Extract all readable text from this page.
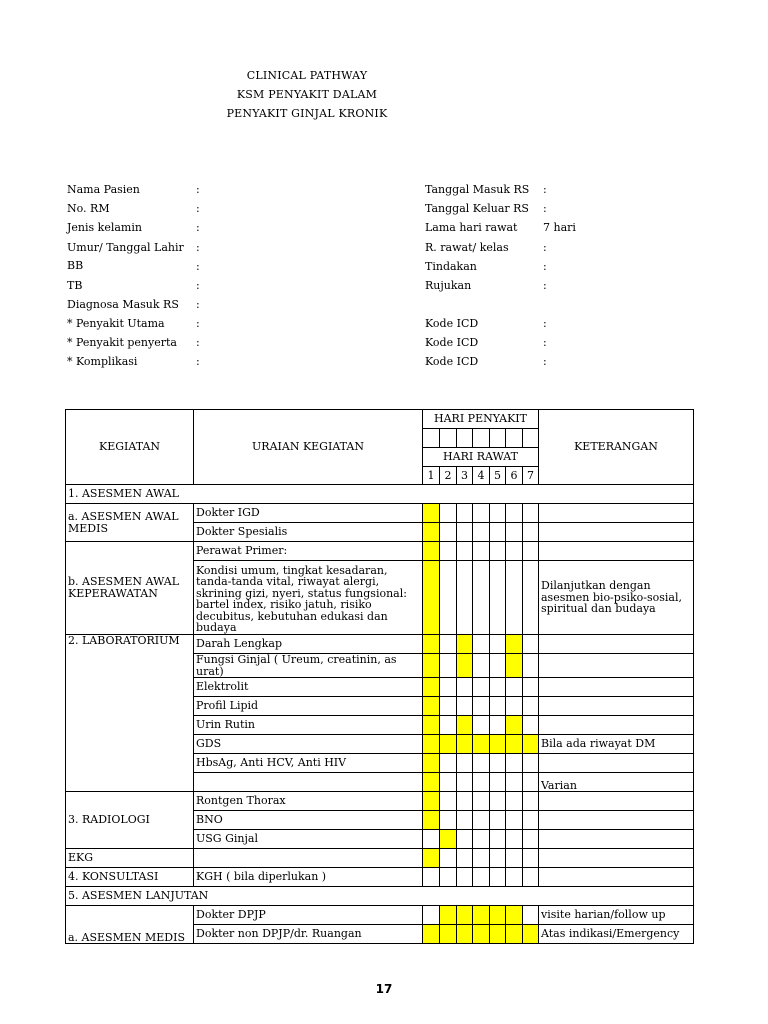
CLINICAL PATHWAY
KSM PENYAKIT DALAM
PENYAKIT GINJAL KRONIK
Nama Pasien	:
No. RM	:
Jenis kelamin	:
Umur/ Tanggal Lahir :
BB	:
TB	:
Diagnosa Masuk RS :
* Penyakit Utama	:
* Penyakit penyerta :
* Komplikasi	:
Tanggal Masuk RS :
Tanggal Keluar RS :
Lama hari rawat 7 hari
R. rawat/ kelas	:
Tindakan	:
Rujukan	:
Kode ICD	:
Kode ICD	:
Kode ICD	:
KEGIATAN	URAIAN KEGIATAN	HARI PENYAKIT							KETERANGAN

		HARI RAWAT							
		1	2	3	4	5	6	7	
1. ASESMEN AWAL									
a. ASESMEN AWAL MEDIS	Dokter IGD								
	Dokter Spesialis								
b. ASESMEN AWAL KEPERAWATAN	Perawat Primer:								
	Kondisi umum, tingkat kesadaran, tanda-tanda vital, riwayat alergi, skrining gizi, nyeri, status fungsional: bartel index, risiko jatuh, risiko decubitus, kebutuhan edukasi dan budaya								Dilanjutkan dengan asesmen bio-psiko-sosial, spiritual dan budaya
2. LABORATORIUM	Darah Lengkap								
	Fungsi Ginjal ( Ureum, creatinin, as urat)								
	Elektrolit								
	Profil Lipid								
	Urin Rutin								
	GDS								Bila ada riwayat DM
	HbsAg, Anti HCV, Anti HIV								
									Varian
3. RADIOLOGI	Rontgen Thorax								
	BNO								
	USG Ginjal								
EKG									
4. KONSULTASI	KGH ( bila diperlukan )								
5. ASESMEN LANJUTAN									
a. ASESMEN MEDIS	Dokter DPJP								visite harian/follow up
	Dokter non DPJP/dr. Ruangan								Atas indikasi/Emergency
17
